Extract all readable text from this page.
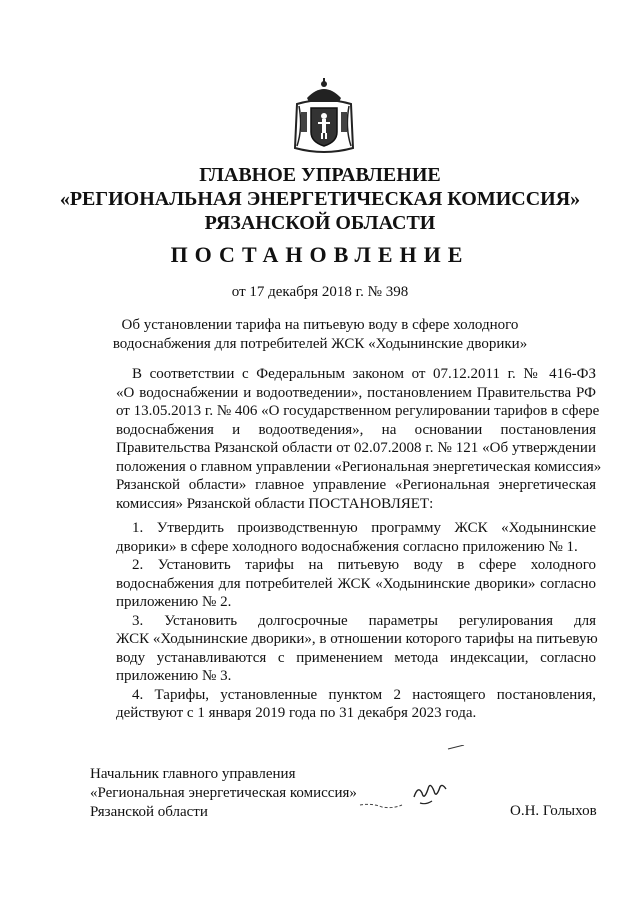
ГЛАВНОЕ УПРАВЛЕНИЕ
«РЕГИОНАЛЬНАЯ ЭНЕРГЕТИЧЕСКАЯ КОМИССИЯ»
РЯЗАНСКОЙ ОБЛАСТИ
ПОСТАНОВЛЕНИЕ
от 17 декабря 2018 г. № 398
Об установлении тарифа на питьевую воду в сфере холодного
водоснабжения для потребителей ЖСК «Ходынинские дворики»
В соответствии с Федеральным законом от 07.12.2011 г. № 416-ФЗ
«О водоснабжении и водоотведении», постановлением Правительства РФ
от 13.05.2013 г. № 406 «О государственном регулировании тарифов в сфере
водоснабжения и водоотведения», на основании постановления
Правительства Рязанской области от 02.07.2008 г. № 121 «Об утверждении
положения о главном управлении «Региональная энергетическая комиссия»
Рязанской области» главное управление «Региональная энергетическая
комиссия» Рязанской области ПОСТАНОВЛЯЕТ:
1. Утвердить производственную программу ЖСК «Ходынинские
дворики» в сфере холодного водоснабжения согласно приложению № 1.
2. Установить тарифы на питьевую воду в сфере холодного
водоснабжения для потребителей ЖСК «Ходынинские дворики» согласно
приложению № 2.
3. Установить долгосрочные параметры регулирования для
ЖСК «Ходынинские дворики», в отношении которого тарифы на питьевую
воду устанавливаются с применением метода индексации, согласно
приложению № 3.
4. Тарифы, установленные пунктом 2 настоящего постановления,
действуют с 1 января 2019 года по 31 декабря 2023 года.
Начальник главного управления
«Региональная энергетическая комиссия»
Рязанской области	О.Н. Голыхов
